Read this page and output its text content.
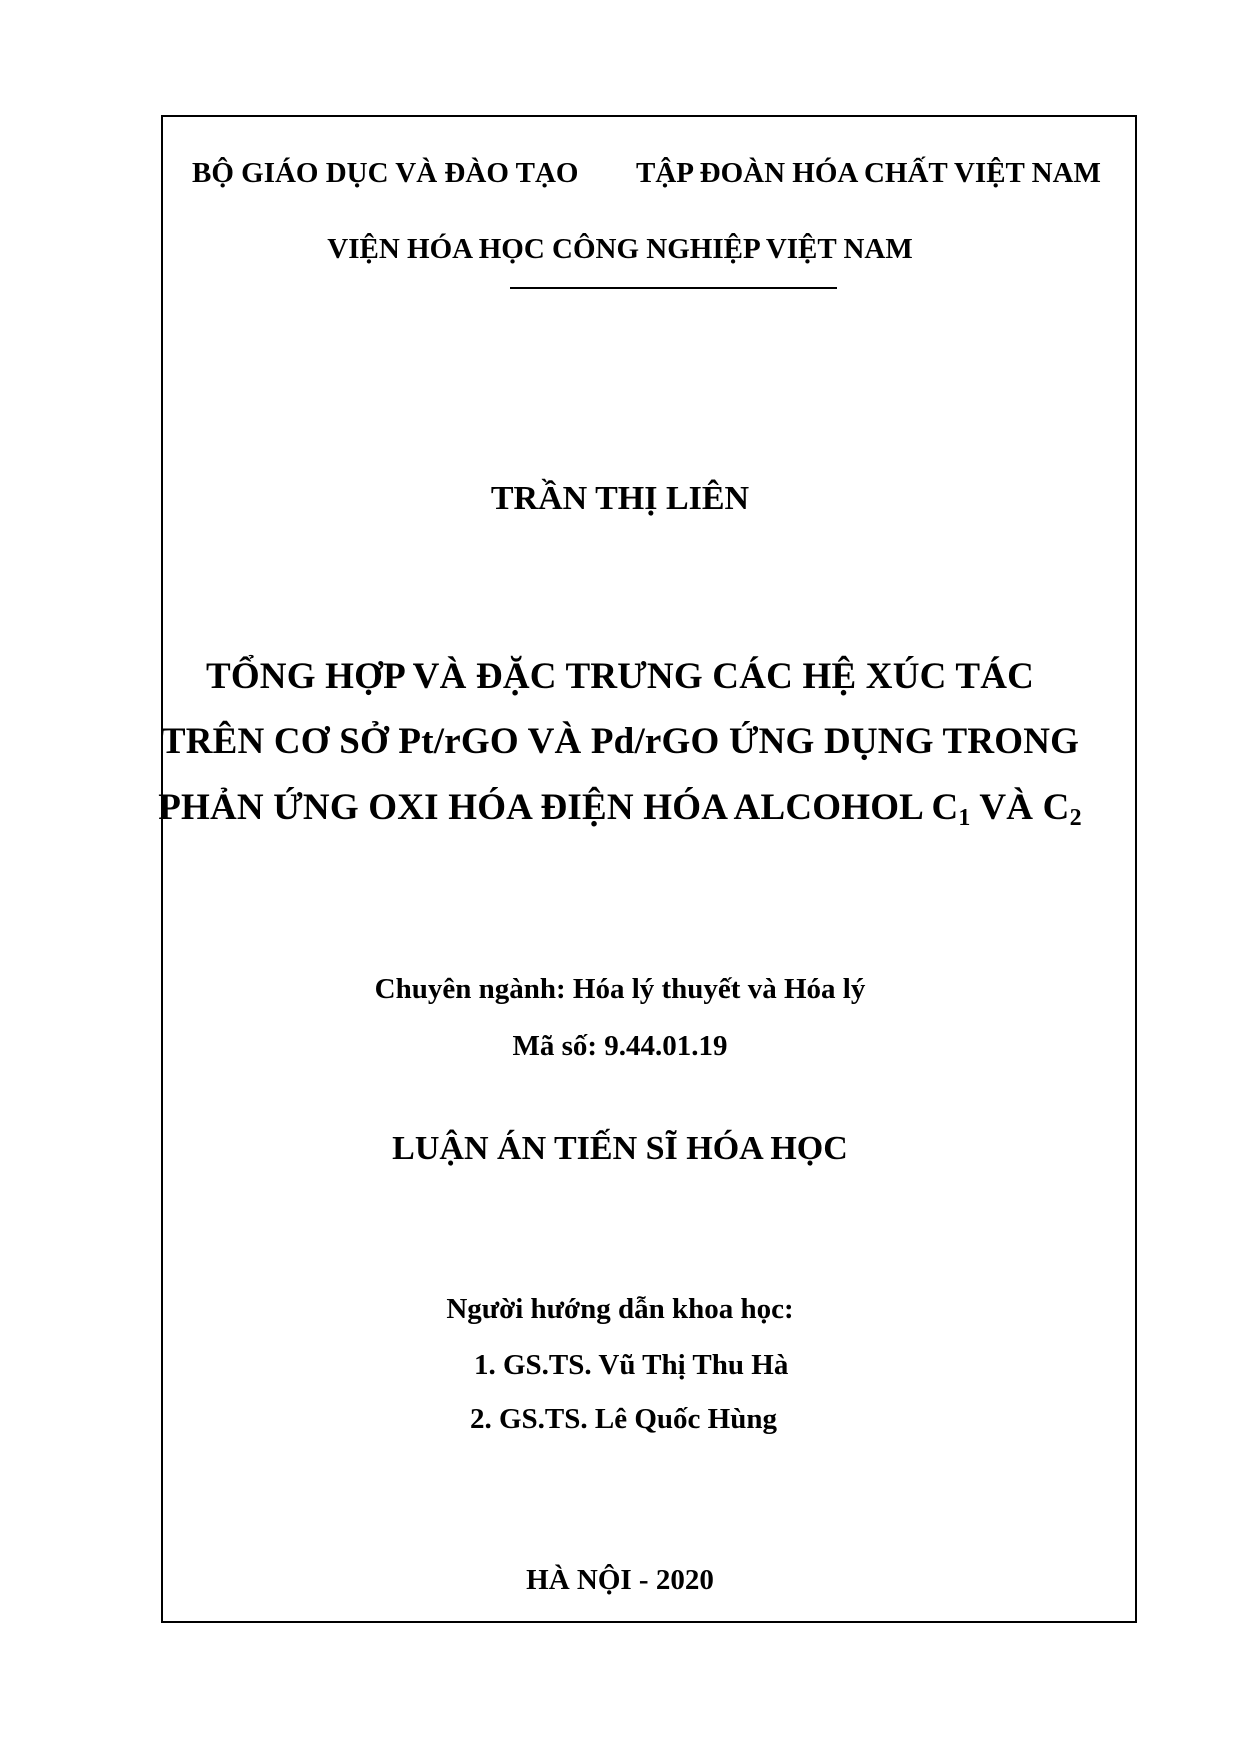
BỘ GIÁO DỤC VÀ ĐÀO TẠO TẬP ĐOÀN HÓA CHẤT VIỆT NAM
VIỆN HÓA HỌC CÔNG NGHIỆP VIỆT NAM
TRẦN THỊ LIÊN
TỔNG HỢP VÀ ĐẶC TRƯNG CÁC HỆ XÚC TÁC
TRÊN CƠ SỞ Pt/rGO VÀ Pd/rGO ỨNG DỤNG TRONG
PHẢN ỨNG OXI HÓA ĐIỆN HÓA ALCOHOL $C_1$ VÀ $C_2$
Chuyên ngành: Hóa lý thuyết và Hóa lý
Mã số: 9.44.01.19
LUẬN ÁN TIẾN SĨ HÓA HỌC
Người hướng dẫn khoa học:
1. GS.TS. Vũ Thị Thu Hà
2. GS.TS. Lê Quốc Hùng
HÀ NỘI - 2020
